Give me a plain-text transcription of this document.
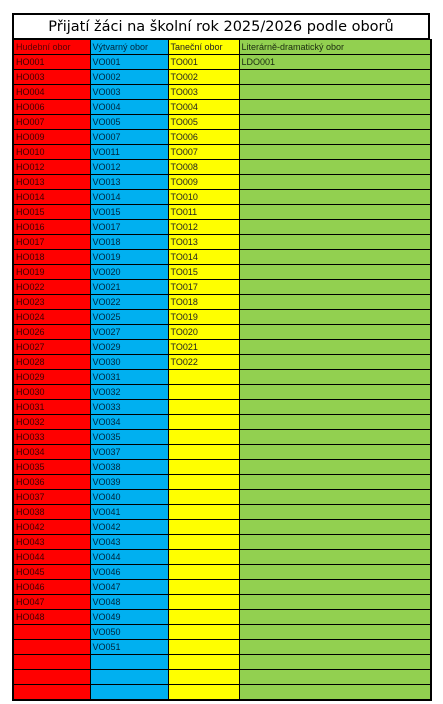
Přijatí žáci na školní rok 2025/2026 podle oborů
Hudební obor	Výtvarný obor	Taneční obor	Literárně-dramatický obor
HO001	VO001	TO001	LDO001
HO003	VO002	TO002	
HO004	VO003	TO003	
HO006	VO004	TO004	
HO007	VO005	TO005	
HO009	VO007	TO006	
HO010	VO011	TO007	
HO012	VO012	TO008	
HO013	VO013	TO009	
HO014	VO014	TO010	
HO015	VO015	TO011	
HO016	VO017	TO012	
HO017	VO018	TO013	
HO018	VO019	TO014	
HO019	VO020	TO015	
HO022	VO021	TO017	
HO023	VO022	TO018	
HO024	VO025	TO019	
HO026	VO027	TO020	
HO027	VO029	TO021	
HO028	VO030	TO022	
HO029	VO031		
HO030	VO032		
HO031	VO033		
HO032	VO034		
HO033	VO035		
HO034	VO037		
HO035	VO038		
HO036	VO039		
HO037	VO040		
HO038	VO041		
HO042	VO042		
HO043	VO043		
HO044	VO044		
HO045	VO046		
HO046	VO047		
HO047	VO048		
HO048	VO049		
	VO050		
	VO051		
